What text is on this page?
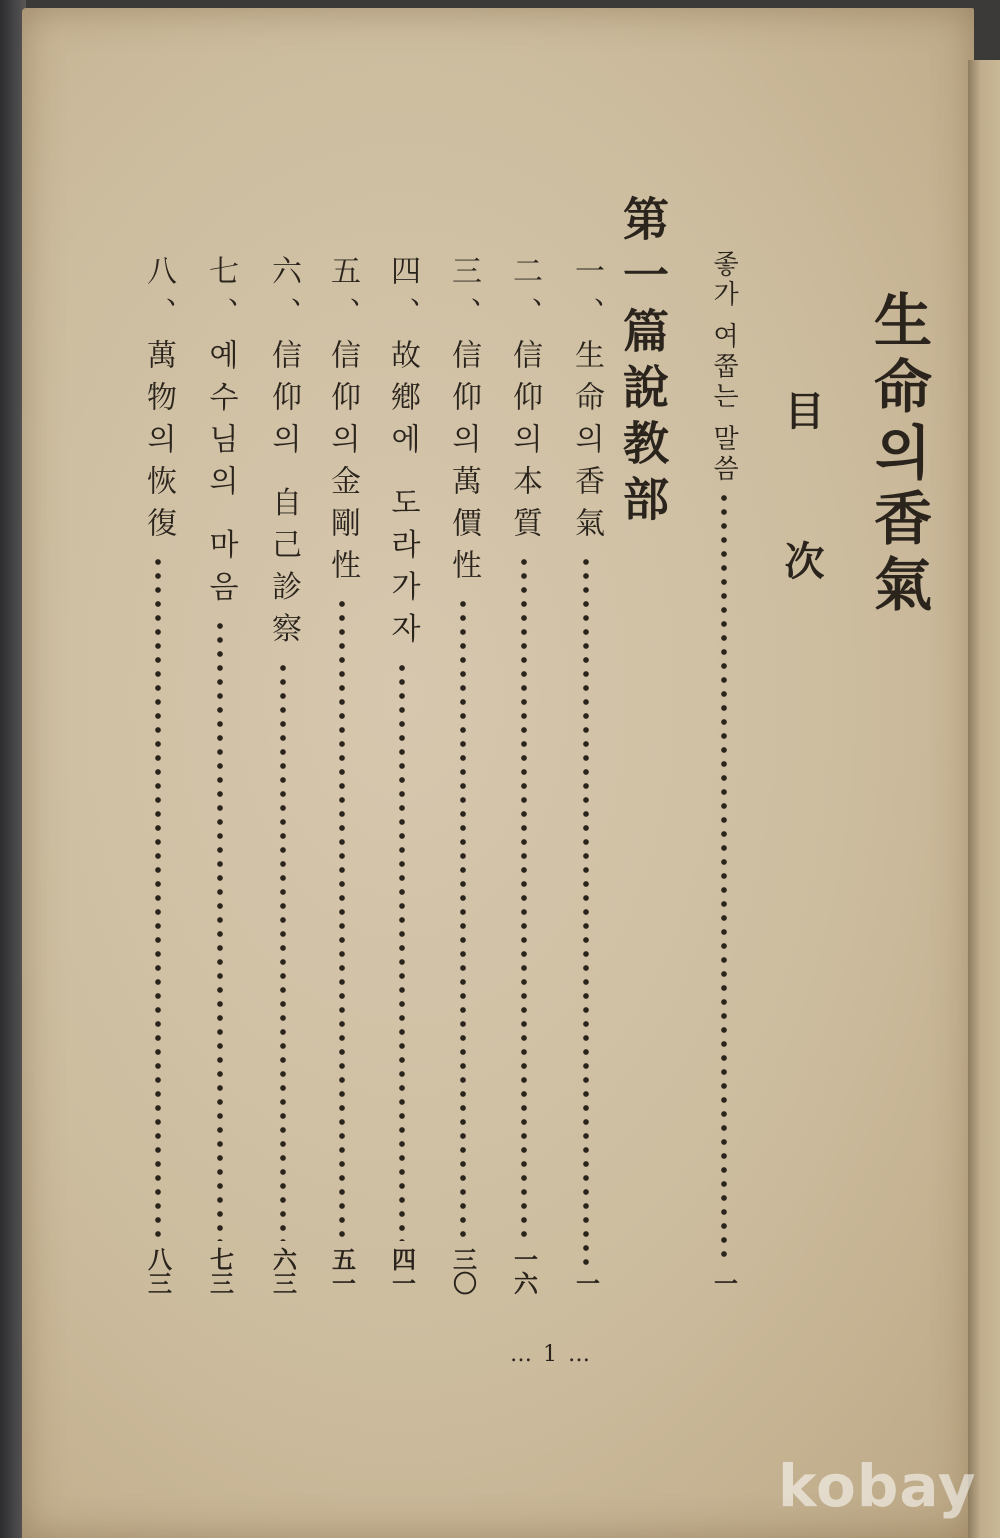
生命의香氣
目次
좋가 여쭙는 말씀
一
第一篇說教部
一、生命의香氣
一
二、信仰의本質
一六
三、信仰의萬價性
三〇
四、故鄕에 도라가자
四一
五、信仰의金剛性
五一
六、信仰의 自己診察
六三
七、예수님의 마음
七三
八、萬物의恢復
八三
… 1 …
kobay
